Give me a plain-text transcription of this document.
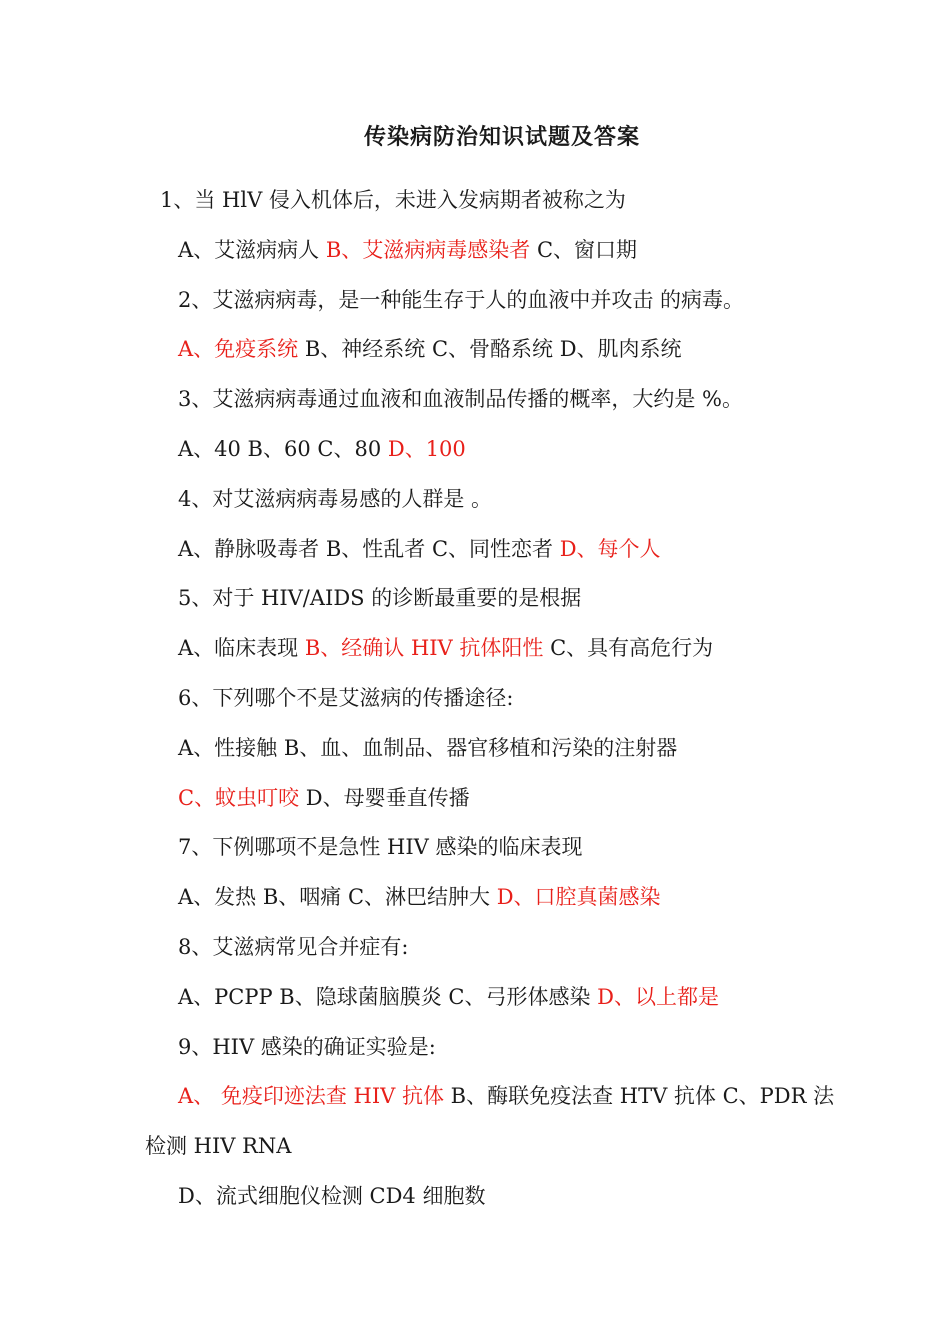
传染病防治知识试题及答案
1、当 HlV 侵入机体后，未进入发病期者被称之为
A、艾滋病病人 B、艾滋病病毒感染者 C、窗口期
2、艾滋病病毒，是一种能生存于人的血液中并攻击 的病毒。
A、免疫系统 B、神经系统 C、骨酪系统 D、肌肉系统
3、艾滋病病毒通过血液和血液制品传播的概率，大约是 %。
A、40 B、60 C、80 D、100
4、对艾滋病病毒易感的人群是 。
A、静脉吸毒者 B、性乱者 C、同性恋者 D、每个人
5、对于 HIV/AIDS 的诊断最重要的是根据
A、临床表现 B、经确认 HIV 抗体阳性 C、具有高危行为
6、下列哪个不是艾滋病的传播途径:
A、性接触 B、血、血制品、器官移植和污染的注射器
C、蚊虫叮咬 D、母婴垂直传播
7、下例哪项不是急性 HIV 感染的临床表现
A、发热 B、咽痛 C、淋巴结肿大 D、口腔真菌感染
8、艾滋病常见合并症有:
A、PCPP B、隐球菌脑膜炎 C、弓形体感染 D、以上都是
9、HIV 感染的确证实验是:
A、 免疫印迹法查 HIV 抗体 B、酶联免疫法查 HTV 抗体 C、PDR 法
检测 HIV RNA
D、流式细胞仪检测 CD4 细胞数
